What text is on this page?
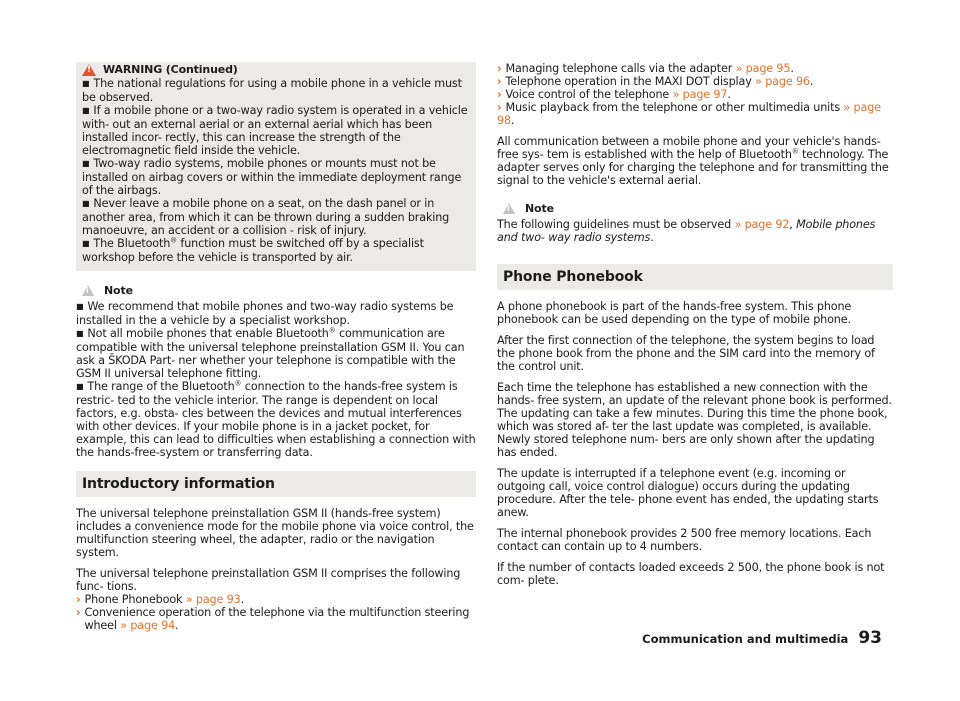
! WARNING (Continued)

■ The national regulations for using a mobile phone in a vehicle must be observed.

■ If a mobile phone or a two-way radio system is operated in a vehicle with- out an external aerial or an external aerial which has been installed incor- rectly, this can increase the strength of the electromagnetic field inside the vehicle.

■ Two-way radio systems, mobile phones or mounts must not be installed on airbag covers or within the immediate deployment range of the airbags.

■ Never leave a mobile phone on a seat, on the dash panel or in another area, from which it can be thrown during a sudden braking manoeuvre, an accident or a collision - risk of injury.

■ The Bluetooth® function must be switched off by a specialist workshop before the vehicle is transported by air.

i Note

■ We recommend that mobile phones and two-way radio systems be installed in the a vehicle by a specialist workshop.

■ Not all mobile phones that enable Bluetooth® communication are compatible with the universal telephone preinstallation GSM II. You can ask a ŠKODA Part- ner whether your telephone is compatible with the GSM II universal telephone fitting.

■ The range of the Bluetooth® connection to the hands-free system is restric- ted to the vehicle interior. The range is dependent on local factors, e.g. obsta- cles between the devices and mutual interferences with other devices. If your mobile phone is in a jacket pocket, for example, this can lead to difficulties when establishing a connection with the hands-free-system or transferring data.

Introductory information

The universal telephone preinstallation GSM II (hands-free system) includes a convenience mode for the mobile phone via voice control, the multifunction steering wheel, the adapter, radio or the navigation system.

The universal telephone preinstallation GSM II comprises the following func- tions.

› Phone Phonebook » page 93.
› Convenience operation of the telephone via the multifunction steering wheel » page 94.
› Managing telephone calls via the adapter » page 95.
› Telephone operation in the MAXI DOT display » page 96.
› Voice control of the telephone » page 97.
› Music playback from the telephone or other multimedia units » page 98.

All communication between a mobile phone and your vehicle's hands-free sys- tem is established with the help of Bluetooth® technology. The adapter serves only for charging the telephone and for transmitting the signal to the vehicle's external aerial.

i Note

The following guidelines must be observed » page 92, Mobile phones and two- way radio systems.

Phone Phonebook

A phone phonebook is part of the hands-free system. This phone phonebook can be used depending on the type of mobile phone.

After the first connection of the telephone, the system begins to load the phone book from the phone and the SIM card into the memory of the control unit.

Each time the telephone has established a new connection with the hands- free system, an update of the relevant phone book is performed. The updating can take a few minutes. During this time the phone book, which was stored af- ter the last update was completed, is available. Newly stored telephone num- bers are only shown after the updating has ended.

The update is interrupted if a telephone event (e.g. incoming or outgoing call, voice control dialogue) occurs during the updating procedure. After the tele- phone event has ended, the updating starts anew.

The internal phonebook provides 2 500 free memory locations. Each contact can contain up to 4 numbers.

If the number of contacts loaded exceeds 2 500, the phone book is not com- plete.

Communication and multimedia 93
